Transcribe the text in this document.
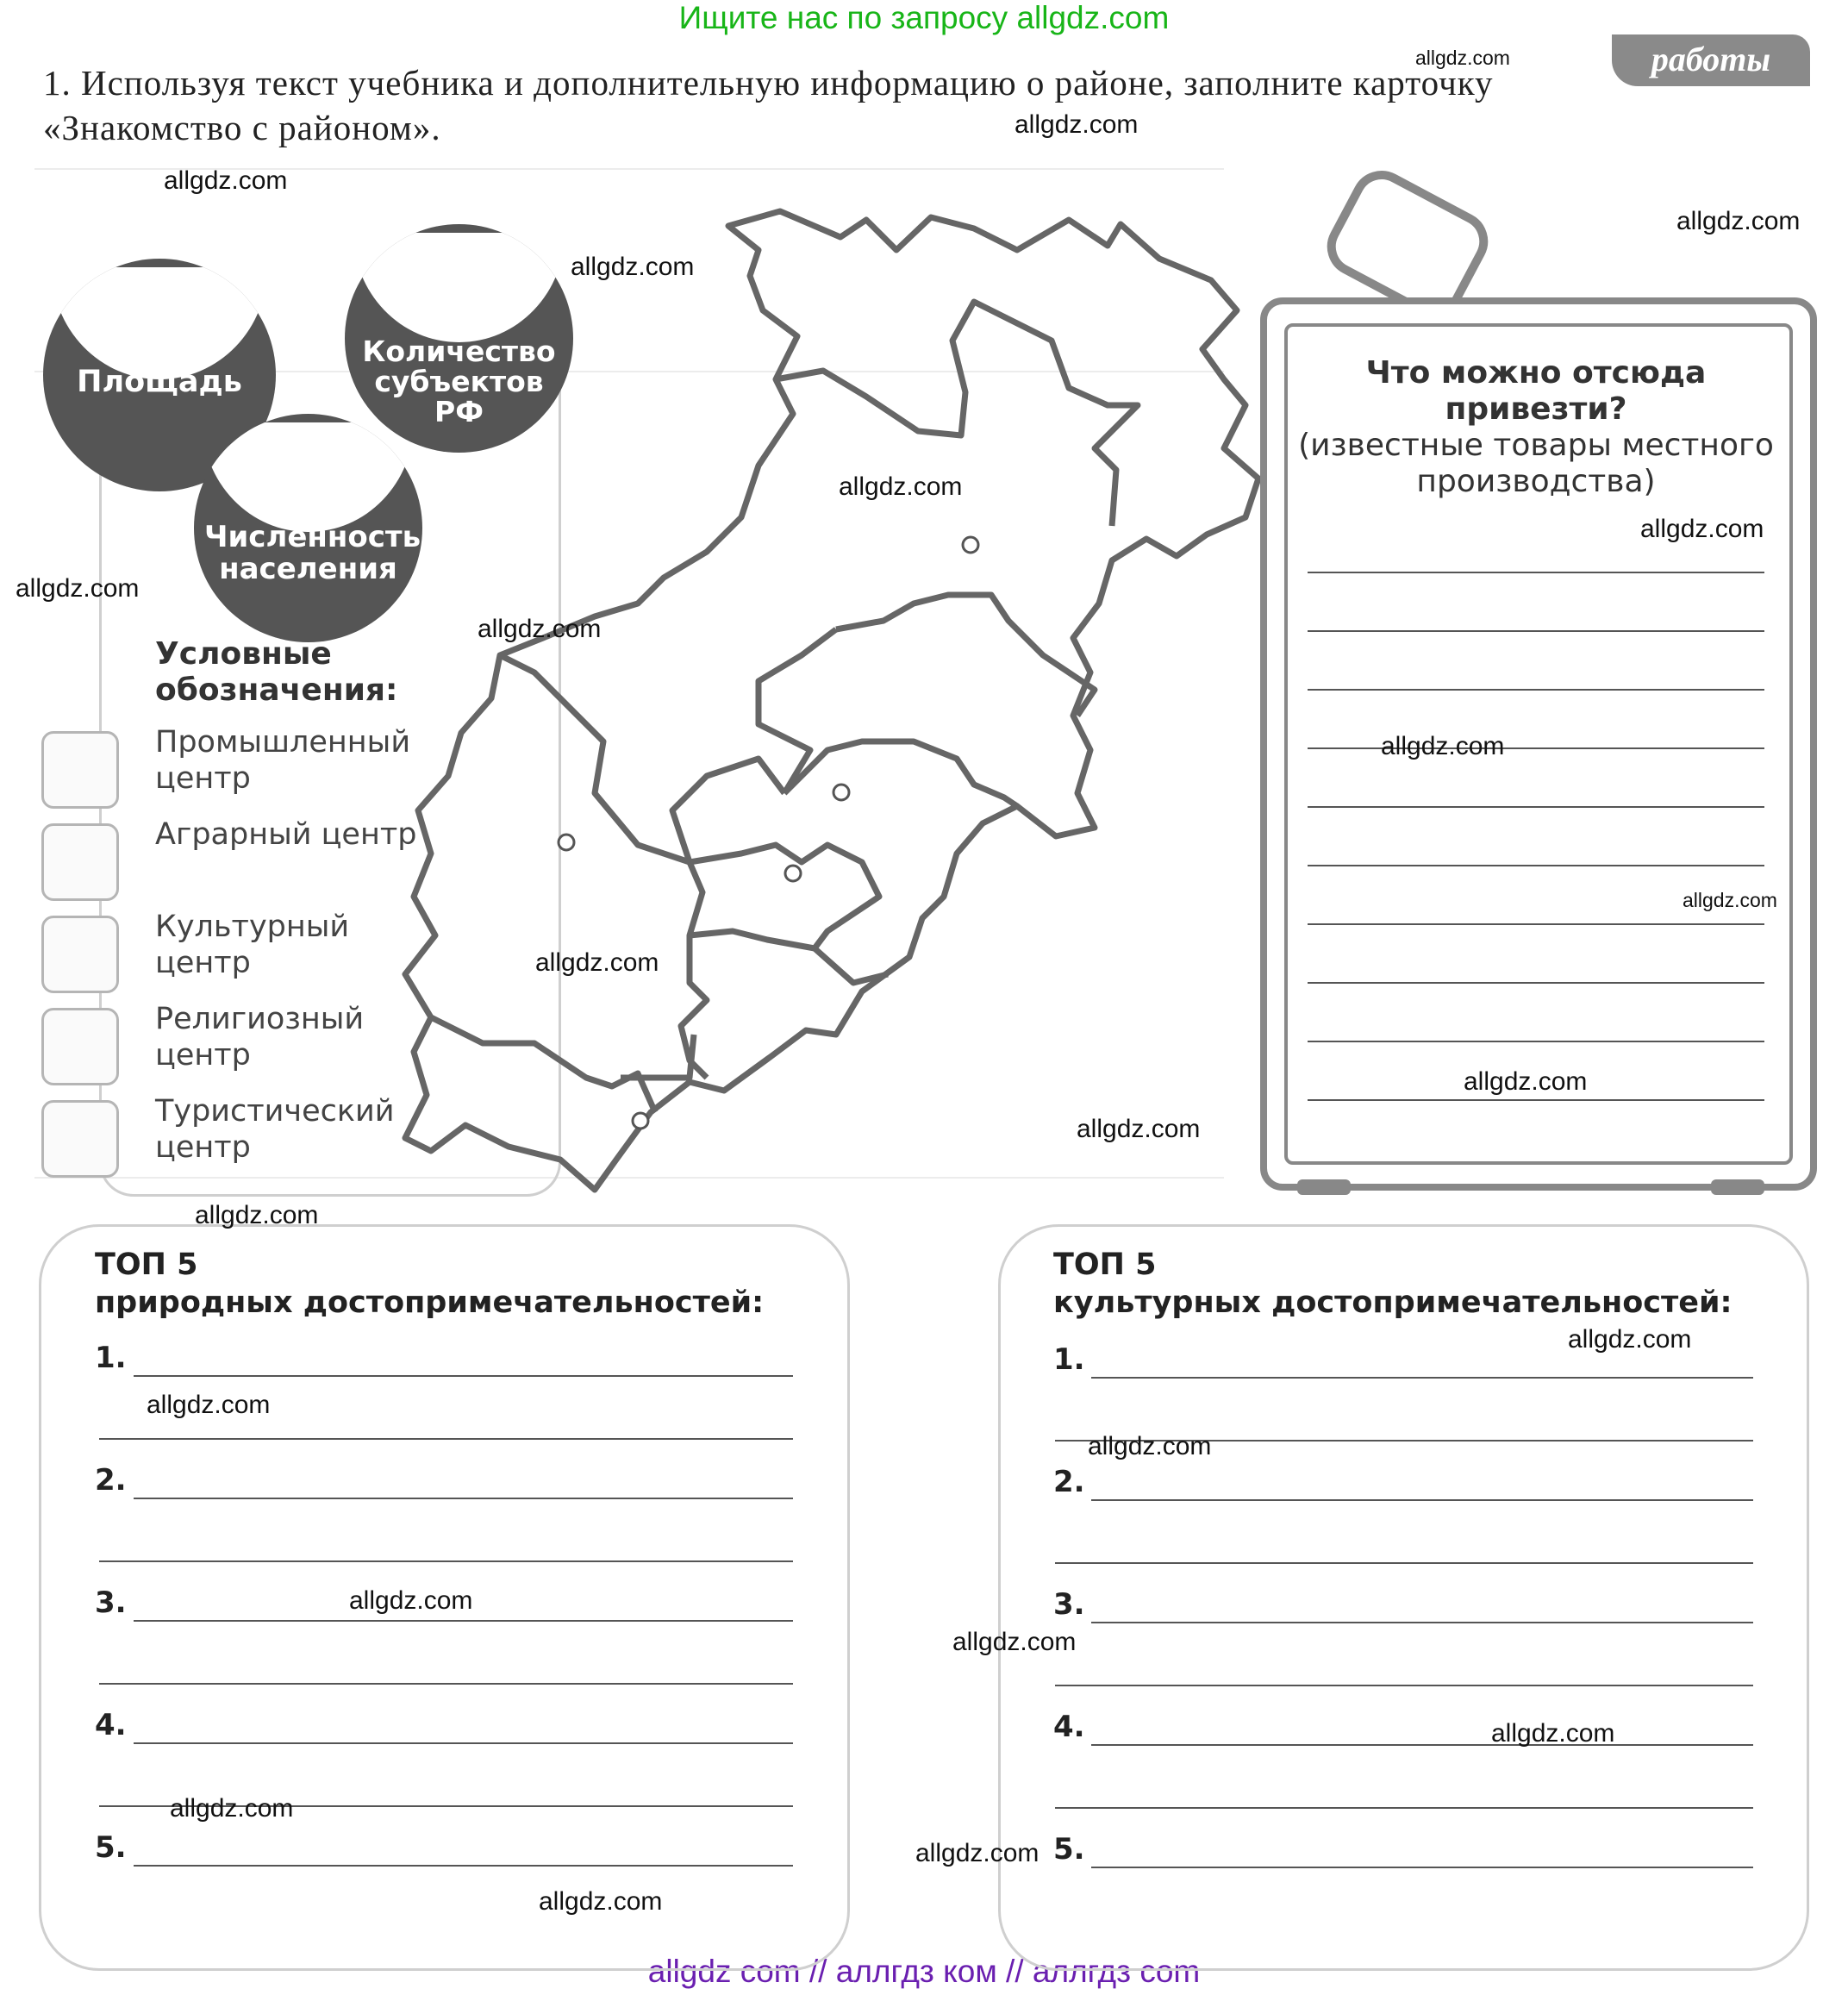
Ищите нас по запросу allgdz.com
allgdz com // аллгдз ком // аллгдз com
работы
1. Используя текст учебника и дополнительную информацию о районе, заполните карточку «Знакомство с районом».
Площадь
Количество субъектов РФ
Численность населения
Условные обозначения:
Промышленный центр
Аграрный центр
Культурный центр
Религиозный центр
Туристический центр
Что можно отсюда привезти?
(известные товары местного производства)
ТОП 5
природных достопримечательностей:
1.
2.
3.
4.
5.
ТОП 5
культурных достопримечательностей:
1.
2.
3.
4.
5.
allgdz.com
allgdz.com
allgdz.com
allgdz.com
allgdz.com
allgdz.com
allgdz.com
allgdz.com
allgdz.com
allgdz.com
allgdz.com
allgdz.com
allgdz.com
allgdz.com
allgdz.com
allgdz.com
allgdz.com
allgdz.com
allgdz.com
allgdz.com
allgdz.com
allgdz.com
allgdz.com
allgdz.com
